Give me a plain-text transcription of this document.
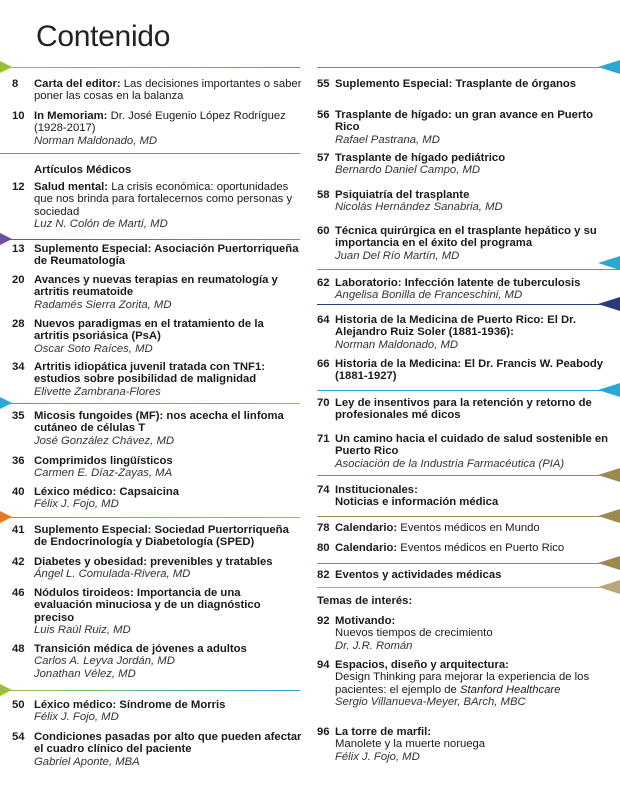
Contenido
8	Carta del editor: Las decisiones importantes o saber poner las cosas en la balanza
10 In Memoriam: Dr. José Eugenio López Rodríguez (1928-2017)
Norman Maldonado, MD
Artículos Médicos
12 Salud mental: La crisis económica: oportunidades que nos brinda para fortalecernos como personas y sociedad
Luz N. Colón de Martí, MD
13 Suplemento Especial: Asociación Puertorriqueña de Reumatología
20 Avances y nuevas terapias en reumatología y artritis reumatoide
Radamés Sierra Zorita, MD
28 Nuevos paradigmas en el tratamiento de la artritis psoriásica (PsA)
Oscar Soto Raíces, MD
34 Artritis idiopática juvenil tratada con TNF1: estudios sobre posibilidad de malignidad
Elivette Zambrana-Flores
35 Micosis fungoides (MF): nos acecha el linfoma cutáneo de células T
José González Chávez, MD
36 Comprimidos lingüísticos
Carmen E. Díaz-Zayas, MA
40 Léxico médico: Capsaicina
Félix J. Fojo, MD
41 Suplemento Especial: Sociedad Puertorriqueña de Endocrinología y Diabetología (SPED)
42 Diabetes y obesidad: prevenibles y tratables
Ángel L. Comulada-Rivera, MD
46 Nódulos tiroideos: Importancia de una evaluación minuciosa y de un diagnóstico preciso
Luis Raúl Ruiz, MD
48 Transición médica de jóvenes a adultos
Carlos A. Leyva Jordán, MD
Jonathan Vélez, MD
50 Léxico médico: Síndrome de Morris
Félix J. Fojo, MD
54 Condiciones pasadas por alto que pueden afectar el cuadro clínico del paciente
Gabriel Aponte, MBA
55 Suplemento Especial: Trasplante de órganos
56 Trasplante de hígado: un gran avance en Puerto Rico
Rafael Pastrana, MD
57 Trasplante de hígado pediátrico
Bernardo Daniel Campo, MD
58 Psiquiatría del trasplante
Nicolás Hernández Sanabria, MD
60 Técnica quirúrgica en el trasplante hepático y su importancia en el éxito del programa
Juan Del Río Martín, MD
62 Laboratorio: Infección latente de tuberculosis
Angelisa Bonilla de Franceschini, MD
64 Historia de la Medicina de Puerto Rico: El Dr. Alejandro Ruiz Soler (1881-1936):
Norman Maldonado, MD
66 Historia de la Medicina: El Dr. Francis W. Peabody (1881-1927)
70 Ley de insentivos para la retención y retorno de profesionales mé dicos
71 Un camino hacia el cuidado de salud sostenible en Puerto Rico
Asociación de la Industria Farmacéutica (PIA)
74 Institucionales:
Noticias e información médica
78 Calendario: Eventos médicos en Mundo
80 Calendario: Eventos médicos en Puerto Rico
82 Eventos y actividades médicas
Temas de interés:
92 Motivando:
Nuevos tiempos de crecimiento
Dr. J.R. Román
94 Espacios, diseño y arquitectura:
Design Thinking para mejorar la experiencia de los pacientes: el ejemplo de Stanford Healthcare
Sergio Villanueva-Meyer, BArch, MBC
96 La torre de marfil:
Manolete y la muerte noruega
Félix J. Fojo, MD
